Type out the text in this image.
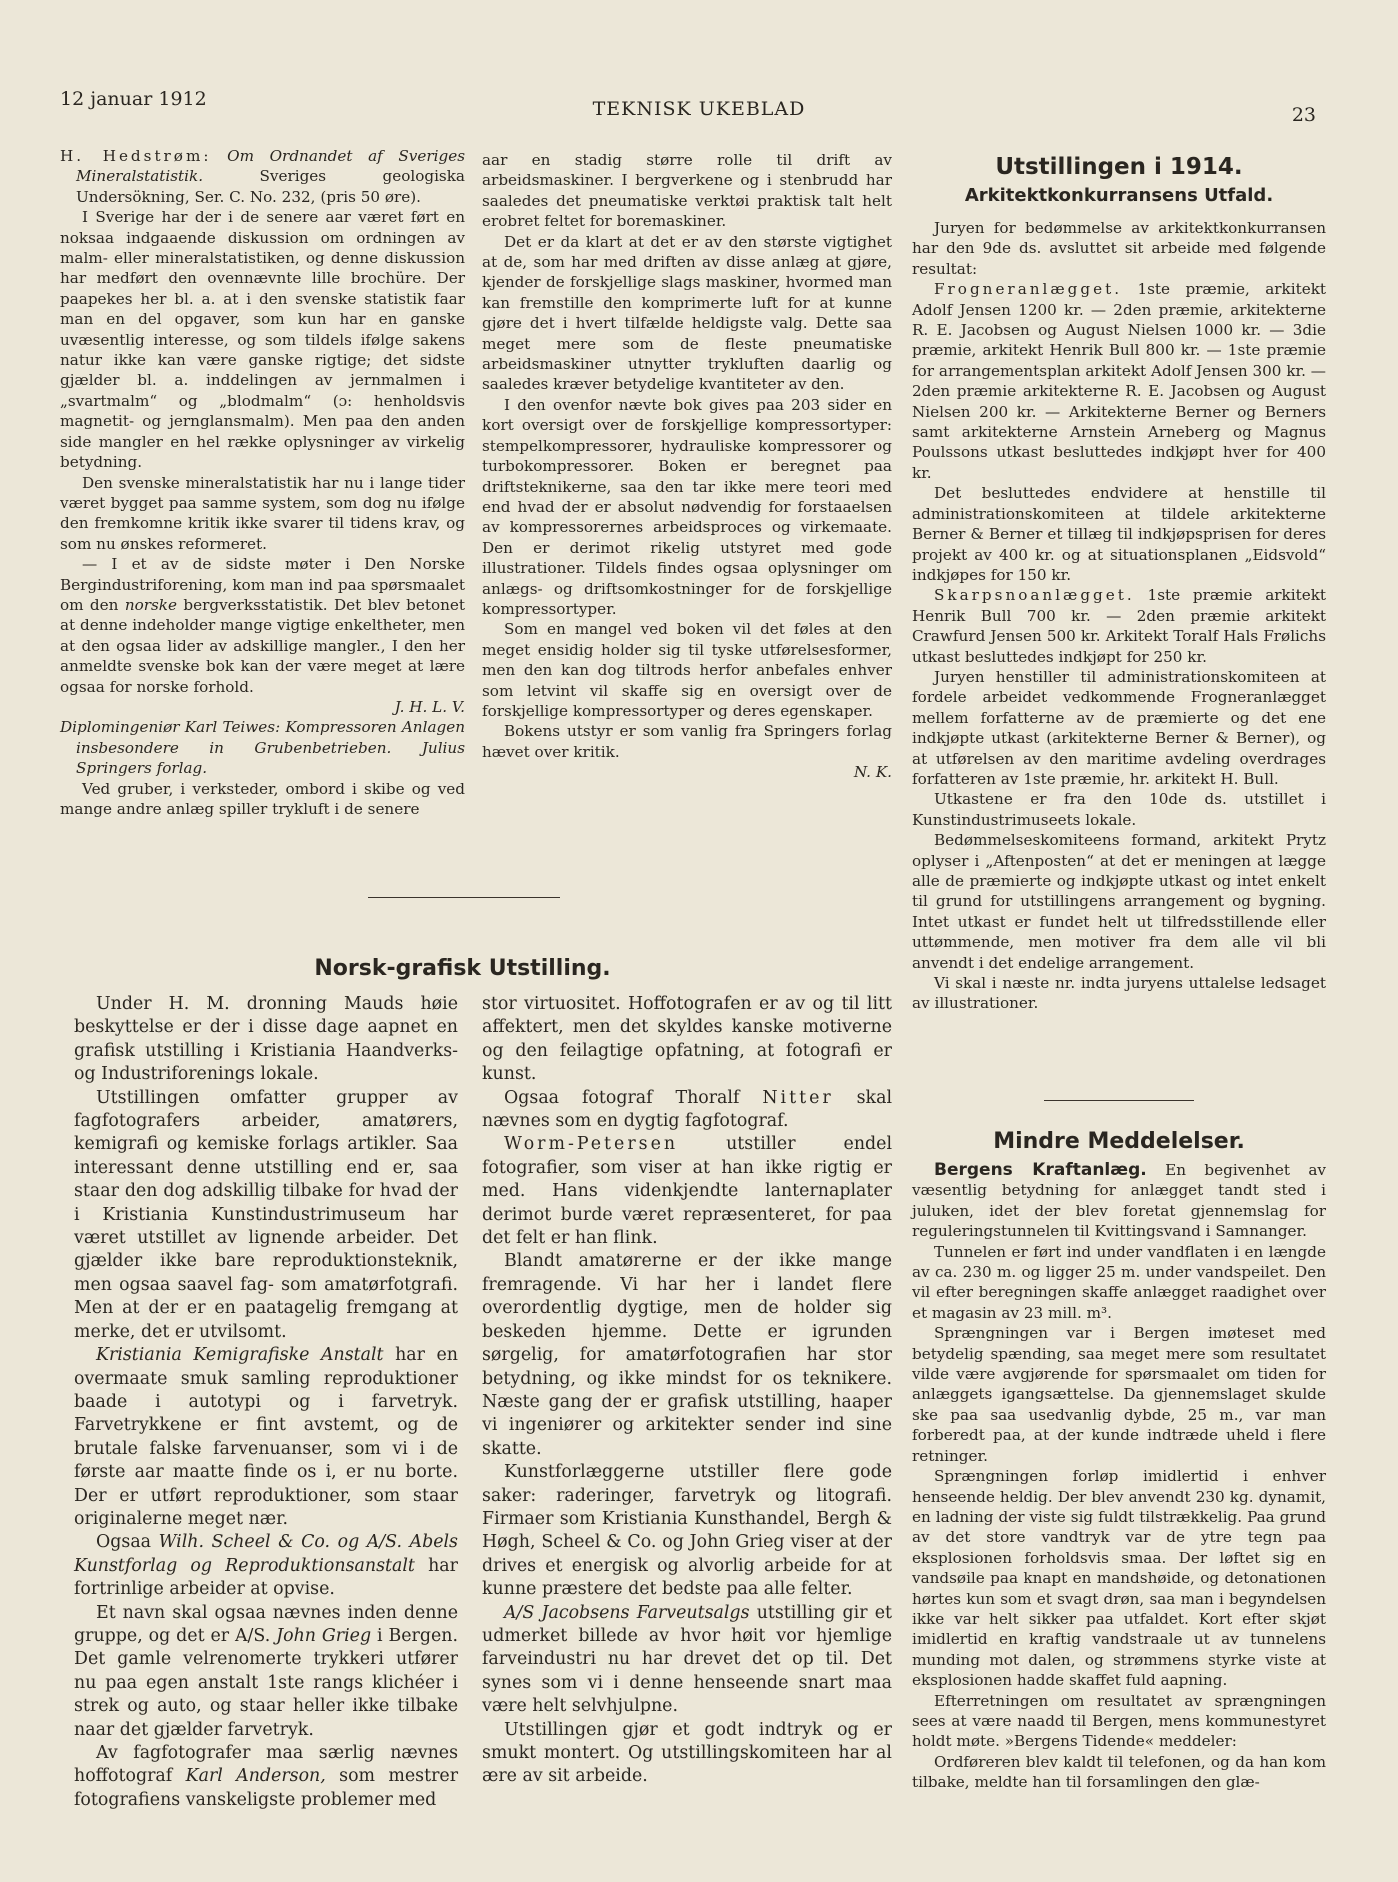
12 januar 1912	TEKNISK UKEBLAD	23

H. Hedstrøm: Om Ordnandet af Sveriges Mineralstatistik.	Sveriges geologiska Undersökning, Ser. C. No. 232, (pris 50 øre).

I Sverige har der i de senere aar været ført en noksaa indgaaende diskussion om ordningen av malm- eller mineralstatistiken, og denne diskussion har medført den ovennævnte lille brochüre. Der paapekes her bl. a. at i den svenske statistik faar man en del opgaver, som kun har en ganske uvæsentlig interesse, og som tildels ifølge sakens natur ikke kan være ganske rigtige; det sidste gjælder bl. a. inddelingen av jernmalmen i „svartmalm“ og „blodmalm“ (ɔ: henholdsvis magnetit- og jernglansmalm). Men paa den anden side mangler en hel række oplysninger av virkelig betydning.

Den svenske mineralstatistik har nu i lange tider været bygget paa samme system, som dog nu ifølge den fremkomne kritik ikke svarer til tidens krav, og som nu ønskes reformeret.

— I et av de sidste møter i Den Norske Bergindustriforening, kom man ind paa spørsmaalet om den norske bergverksstatistik. Det blev betonet at denne indeholder mange vigtige enkeltheter, men at den ogsaa lider av adskillige mangler., I den her anmeldte svenske bok kan der være meget at lære ogsaa for norske forhold.

J. H. L. V.

Diplomingeniør Karl Teiwes: Kompressoren Anlagen insbesondere in Grubenbetrieben. Julius Springers forlag.

Ved gruber, i verksteder, ombord i skibe og ved mange andre anlæg spiller trykluft i de senere

aar en stadig større rolle til drift av arbeidsmaskiner. I bergverkene og i stenbrudd har saaledes det pneumatiske verktøi praktisk talt helt erobret feltet for boremaskiner.

Det er da klart at det er av den største vigtighet at de, som har med driften av disse anlæg at gjøre, kjender de forskjellige slags maskiner, hvormed man kan fremstille den komprimerte luft for at kunne gjøre det i hvert tilfælde heldigste valg. Dette saa meget mere som de fleste pneumatiske arbeidsmaskiner utnytter trykluften daarlig og saaledes kræver betydelige kvantiteter av den.

I den ovenfor nævte bok gives paa 203 sider en kort oversigt over de forskjellige kompressortyper: stempelkompressorer, hydrauliske kompressorer og turbokompressorer. Boken er beregnet paa driftsteknikerne, saa den tar ikke mere teori med end hvad der er absolut nødvendig for forstaaelsen av kompressorernes arbeidsproces og virkemaate. Den er derimot rikelig utstyret med gode illustrationer. Tildels findes ogsaa oplysninger om anlægs- og driftsomkostninger for de forskjellige kompressortyper.

Som en mangel ved boken vil det føles at den meget ensidig holder sig til tyske utførelsesformer, men den kan dog tiltrods herfor anbefales enhver som letvint vil skaffe sig en oversigt over de forskjellige kompressortyper og deres egenskaper.

Bokens utstyr er som vanlig fra Springers forlag hævet over kritik.

N. K.

Utstillingen i 1914.
Arkitektkonkurransens Utfald.

Juryen for bedømmelse av arkitektkonkurransen har den 9de ds. avsluttet sit arbeide med følgende resultat:

Frogneranlægget. 1ste præmie, arkitekt Adolf Jensen 1200 kr. — 2den præmie, arkitekterne R. E. Jacobsen og August Nielsen 1000 kr. — 3die præmie, arkitekt Henrik Bull 800 kr. — 1ste præmie for arrangementsplan arkitekt Adolf Jensen 300 kr. — 2den præmie arkitekterne R. E. Jacobsen og August Nielsen 200 kr. — Arkitekterne Berner og Berners samt arkitekterne Arnstein Arneberg og Magnus Poulssons utkast besluttedes indkjøpt hver for 400 kr.

Det besluttedes endvidere at henstille til administrationskomiteen at tildele arkitekterne Berner & Berner et tillæg til indkjøpsprisen for deres projekt av 400 kr. og at situationsplanen „Eidsvold“ indkjøpes for 150 kr.

Skarpsnoanlægget. 1ste præmie arkitekt Henrik Bull 700 kr. — 2den præmie arkitekt Crawfurd Jensen 500 kr. Arkitekt Toralf Hals Frølichs utkast besluttedes indkjøpt for 250 kr.

Juryen henstiller til administrationskomiteen at fordele arbeidet vedkommende Frogneranlægget mellem forfatterne av de præmierte og det ene indkjøpte utkast (arkitekterne Berner & Berner), og at utførelsen av den maritime avdeling overdrages forfatteren av 1ste præmie, hr. arkitekt H. Bull.

Utkastene er fra den 10de ds. utstillet i Kunstindustrimuseets lokale.

Bedømmelseskomiteens formand, arkitekt Prytz oplyser i „Aftenposten“ at det er meningen at lægge alle de præmierte og indkjøpte utkast og intet enkelt til grund for utstillingens arrangement og bygning. Intet utkast er fundet helt ut tilfredsstillende eller uttømmende, men motiver fra dem alle vil bli anvendt i det endelige arrangement.

Vi skal i næste nr. indta juryens uttalelse ledsaget av illustrationer.

Mindre Meddelelser.

Bergens Kraftanlæg. En begivenhet av væsentlig betydning for anlægget tandt sted i juluken, idet der blev foretat gjennemslag for reguleringstunnelen til Kvittingsvand i Samnanger.

Tunnelen er ført ind under vandflaten i en længde av ca. 230 m. og ligger 25 m. under vandspeilet. Den vil efter beregningen skaffe anlægget raadighet over et magasin av 23 mill. m³.

Sprængningen var i Bergen imøteset med betydelig spænding, saa meget mere som resultatet vilde være avgjørende for spørsmaalet om tiden for anlæggets igangsættelse. Da gjennemslaget skulde ske paa saa usedvanlig dybde, 25 m., var man forberedt paa, at der kunde indtræde uheld i flere retninger.

Sprængningen forløp imidlertid i enhver henseende heldig. Der blev anvendt 230 kg. dynamit, en ladning der viste sig fuldt tilstrækkelig. Paa grund av det store vandtryk var de ytre tegn paa eksplosionen forholdsvis smaa. Der løftet sig en vandsøile paa knapt en mandshøide, og detonationen hørtes kun som et svagt drøn, saa man i begyndelsen ikke var helt sikker paa utfaldet. Kort efter skjøt imidlertid en kraftig vandstraale ut av tunnelens munding mot dalen, og strømmens styrke viste at eksplosionen hadde skaffet fuld aapning.

Efterretningen om resultatet av sprængningen sees at være naadd til Bergen, mens kommunestyret holdt møte. »Bergens Tidende« meddeler:

Ordføreren blev kaldt til telefonen, og da han kom tilbake, meldte han til forsamlingen den glæ-

Norsk-grafisk Utstilling.

Under H. M. dronning Mauds høie beskyttelse er der i disse dage aapnet en grafisk utstilling i Kristiania Haandverks- og Industriforenings lokale.

Utstillingen omfatter grupper av fagfotografers arbeider, amatørers, kemigrafi og kemiske forlags artikler. Saa interessant denne utstilling end er, saa staar den dog adskillig tilbake for hvad der i Kristiania Kunstindustrimuseum har været utstillet av lignende arbeider. Det gjælder ikke bare reproduktionsteknik, men ogsaa saavel fag- som amatørfotgrafi. Men at der er en paatagelig fremgang at merke, det er utvilsomt.

Kristiania Kemigrafiske Anstalt har en overmaate smuk samling reproduktioner baade i autotypi og i farvetryk. Farvetrykkene er fint avstemt, og de brutale falske farvenuanser, som vi i de første aar maatte finde os i, er nu borte. Der er utført reproduktioner, som staar originalerne meget nær.

Ogsaa Wilh. Scheel & Co. og A/S. Abels Kunstforlag og Reproduktionsanstalt har fortrinlige arbeider at opvise.

Et navn skal ogsaa nævnes inden denne gruppe, og det er A/S. John Grieg i Bergen. Det gamle velrenomerte trykkeri utfører nu paa egen anstalt 1ste rangs klichéer i strek og auto, og staar heller ikke tilbake naar det gjælder farvetryk.

Av fagfotografer maa særlig nævnes hoffotograf Karl Anderson, som mestrer fotografiens vanskeligste problemer med

stor virtuositet. Hoffotografen er av og til litt affektert, men det skyldes kanske motiverne og den feilagtige opfatning, at fotografi er kunst.

Ogsaa fotograf Thoralf Nitter skal nævnes som en dygtig fagfotograf.

Worm-Petersen	utstiller endel fotografier, som viser at han ikke rigtig er med. Hans videnkjendte lanternaplater derimot burde været repræsenteret, for paa det felt er han flink.

Blandt amatørerne er der ikke mange fremragende. Vi har her i landet flere overordentlig dygtige, men de holder sig beskeden hjemme. Dette er igrunden sørgelig, for amatørfotografien har stor betydning, og ikke mindst for os teknikere. Næste gang der er grafisk utstilling, haaper vi ingeniører og arkitekter sender ind sine skatte.

Kunstforlæggerne utstiller flere gode saker: raderinger, farvetryk og litografi. Firmaer som Kristiania Kunsthandel, Bergh & Høgh, Scheel & Co. og John Grieg viser at der drives et energisk og alvorlig arbeide for at kunne præstere det bedste paa alle felter.

A/S Jacobsens Farveutsalgs utstilling gir et udmerket billede av hvor høit vor hjemlige farveindustri nu har drevet det op til. Det synes som vi i denne henseende snart maa være helt selvhjulpne.

Utstillingen gjør et godt indtryk og er smukt montert. Og utstillingskomiteen har al ære av sit arbeide.
